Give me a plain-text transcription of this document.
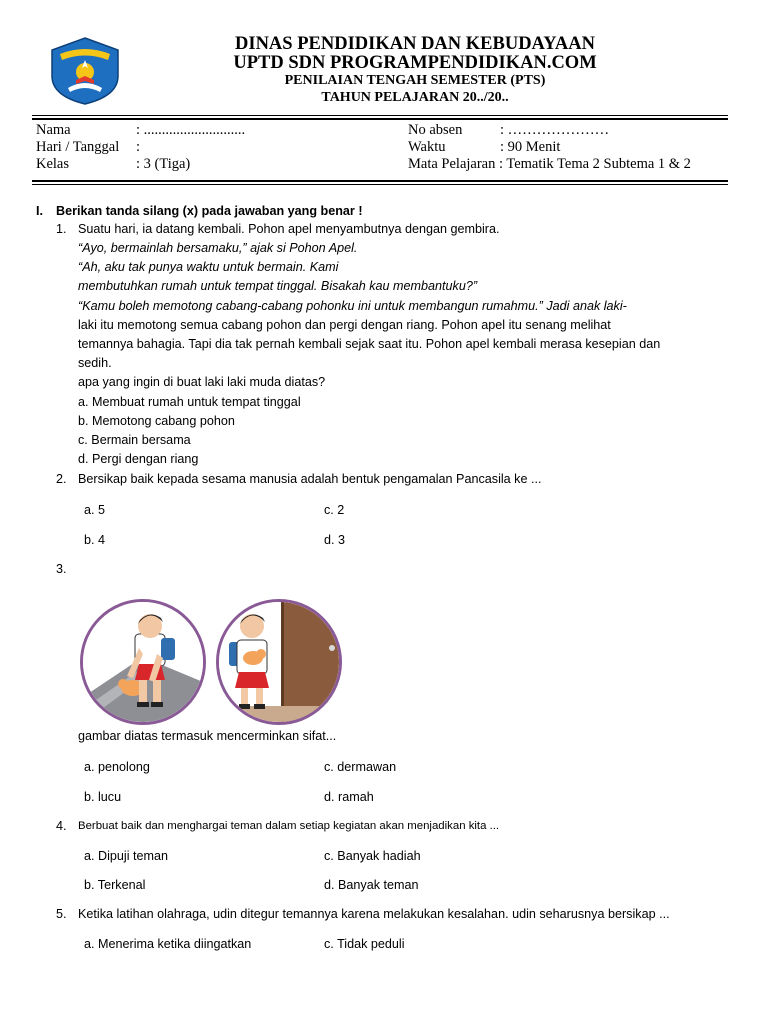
DINAS PENDIDIKAN DAN KEBUDAYAAN
UPTD SDN PROGRAMPENDIDIKAN.COM
PENILAIAN TENGAH SEMESTER (PTS)
TAHUN PELAJARAN 20../20..
Nama	: ............................
Hari / Tanggal :
Kelas	: 3 (Tiga)
No absen	: …………………
Waktu	: 90 Menit
Mata Pelajaran : Tematik Tema 2 Subtema 1 & 2
I. Berikan tanda silang (x) pada jawaban yang benar !
1. Suatu hari, ia datang kembali. Pohon apel menyambutnya dengan gembira.
“Ayo, bermainlah bersamaku,” ajak si Pohon Apel.
“Ah, aku tak punya waktu untuk bermain. Kami
membutuhkan rumah untuk tempat tinggal. Bisakah kau membantuku?”
“Kamu boleh memotong cabang-cabang pohonku ini untuk membangun rumahmu.” Jadi anak laki-
laki itu memotong semua cabang pohon dan pergi dengan riang. Pohon apel itu senang melihat
temannya bahagia. Tapi dia tak pernah kembali sejak saat itu. Pohon apel kembali merasa kesepian dan
sedih.
apa yang ingin di buat laki laki muda diatas?
a. Membuat rumah untuk tempat tinggal
b. Memotong cabang pohon
c. Bermain bersama
d. Pergi dengan riang
2. Bersikap baik kepada sesama manusia adalah bentuk pengamalan Pancasila ke ...
a. 5	c. 2
b. 4	d. 3
3.
gambar diatas termasuk mencerminkan sifat...
a. penolong	c. dermawan
b. lucu	d. ramah
4. Berbuat baik dan menghargai teman dalam setiap kegiatan akan menjadikan kita ...
a. Dipuji teman	c. Banyak hadiah
b. Terkenal	d. Banyak teman
5. Ketika latihan olahraga, udin ditegur temannya karena melakukan kesalahan. udin seharusnya bersikap ...
a. Menerima ketika diingatkan	c. Tidak peduli
